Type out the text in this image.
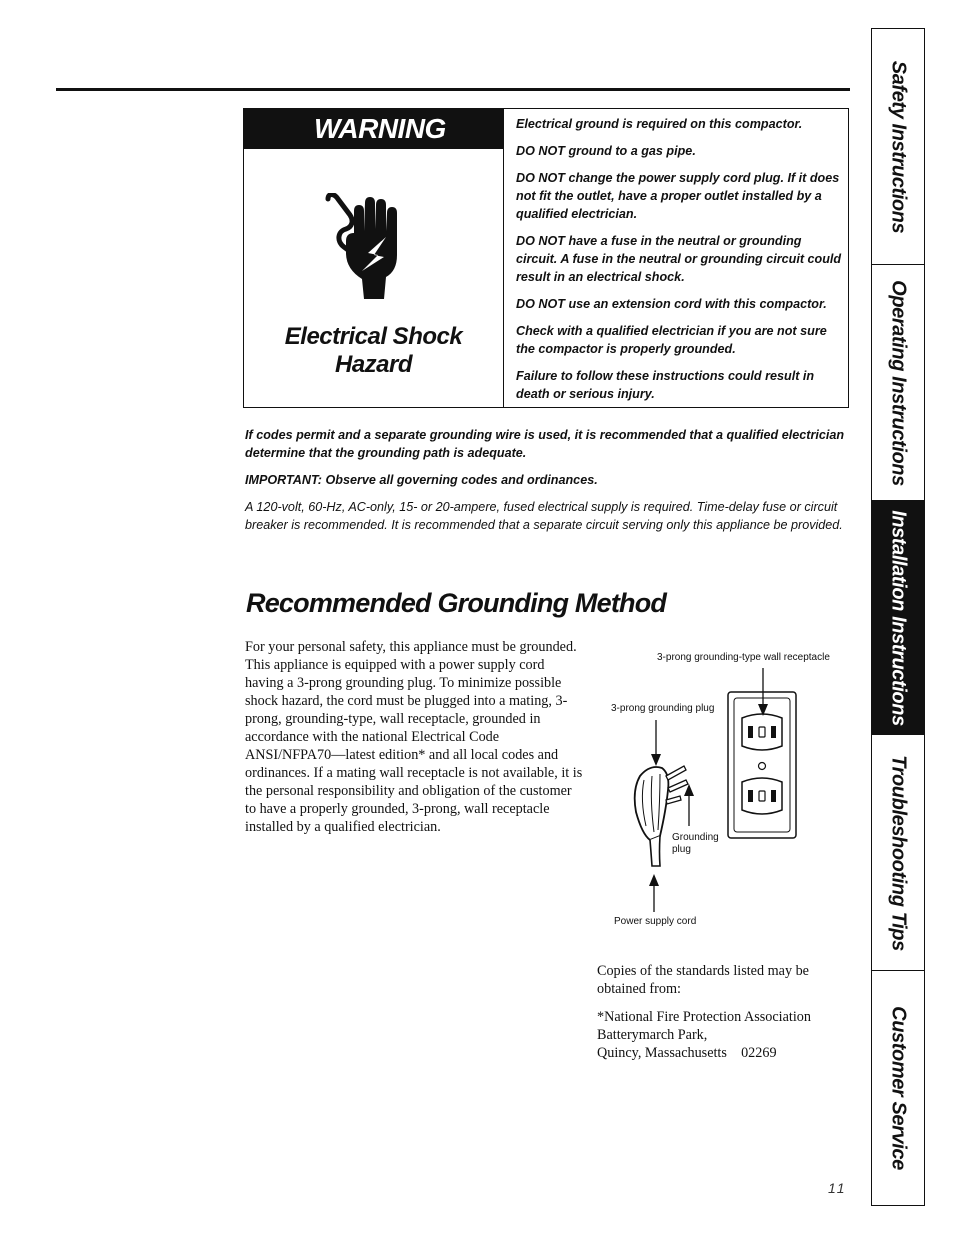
WARNING
Electrical Shock
Hazard

Electrical ground is required on this compactor.

DO NOT ground to a gas pipe.

DO NOT change the power supply cord plug. If it does not fit the outlet, have a proper outlet installed by a qualified electrician.

DO NOT have a fuse in the neutral or grounding circuit. A fuse in the neutral or grounding circuit could result in an electrical shock.

DO NOT use an extension cord with this compactor.

Check with a qualified electrician if you are not sure the compactor is properly grounded.

Failure to follow these instructions could result in death or serious injury.

If codes permit and a separate grounding wire is used, it is recommended that a qualified electrician determine that the grounding path is adequate.

IMPORTANT: Observe all governing codes and ordinances.

A 120-volt, 60-Hz, AC-only, 15- or 20-ampere, fused electrical supply is required. Time-delay fuse or circuit breaker is recommended. It is recommended that a separate circuit serving only this appliance be provided.

Recommended Grounding Method
For your personal safety, this appliance must be grounded. This appliance is equipped with a power supply cord having a 3-prong grounding plug. To minimize possible shock hazard, the cord must be plugged into a mating, 3-prong, grounding-type, wall receptacle, grounded in accordance with the national Electrical Code ANSI/NFPA70—latest edition* and all local codes and ordinances. If a mating wall receptacle is not available, it is the personal responsibility and obligation of the customer to have a properly grounded, 3-prong, wall receptacle installed by a qualified electrician.
3-prong grounding-type wall receptacle
3-prong grounding plug
Grounding
plug
Power supply cord

Copies of the standards listed may be obtained from:

*National Fire Protection Association
Batterymarch Park,
Quincy, Massachusetts    02269

11
Safety Instructions
Operating Instructions
Installation Instructions
Troubleshooting Tips
Customer Service
